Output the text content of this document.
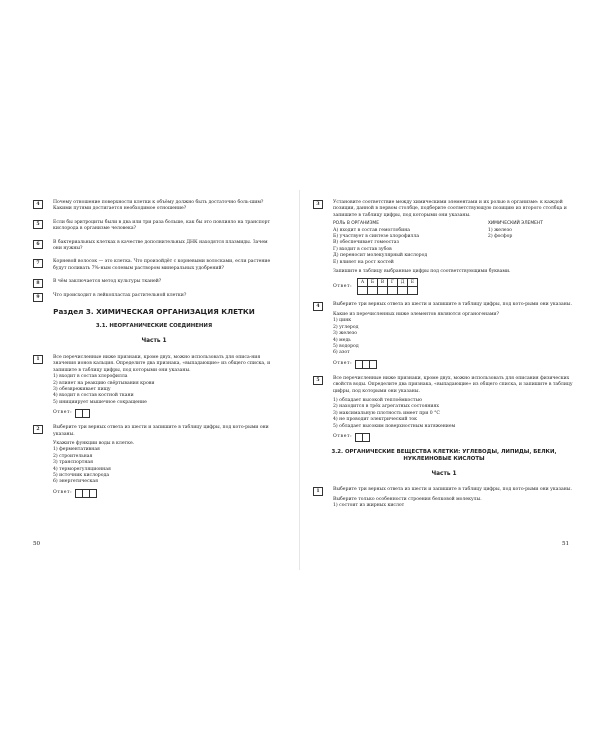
4	Почему отношение поверхности клетки к объёму должно быть достаточно боль-шим? Какими путями достигается необходимое отношение?
5	Если бы эритроциты были в два или три раза больше, как бы это повлияло на транспорт кислорода в организме человека?
6	В бактериальных клетках в качестве дополнительных ДНК находятся плазмиды. Зачем они нужны?
7	Корневой волосок — это клетка. Что произойдёт с корневыми волосками, если растение будут поливать 7%-ным солевым раствором минеральных удобрений?
8	В чём заключается метод культуры тканей?
9	Что происходит в лейкопластах растительной клетки?
Раздел 3. ХИМИЧЕСКАЯ ОРГАНИЗАЦИЯ КЛЕТКИ
3.1. НЕОРГАНИЧЕСКИЕ СОЕДИНЕНИЯ
Часть 1
1	Все перечисленные ниже признаки, кроме двух, можно использовать для описа-ния значения ионов кальция. Определите два признака, «выпадающие» из общего списка, и запишите в таблицу цифры, под которыми они указаны.
1) входит в состав хлорофилла
2) влияет на реакцию свёртывания крови
3) обезвреживает пищу
4) входит в состав костной ткани
5) инициирует мышечное сокращение
Ответ:
2	Выберите три верных ответа из шести и запишите в таблицу цифры, под кото-рыми они указаны.
Укажите функции воды в клетке.
1) ферментативная
2) строительная
3) транспортная
4) терморегуляционная
5) источник кислорода
6) энергетическая
Ответ:
50
3	Установите соответствие между химическими элементами и их ролью в организме: к каждой позиции, данной в первом столбце, подберите соответствующую позицию из второго столбца и запишите в таблицу цифры, под которыми они указаны.
РОЛЬ В ОРГАНИЗМЕ
А) входит в состав гемоглобина
Б) участвует в синтезе хлорофилла
В) обеспечивает гомеостаз
Г) входит в состав зубов
Д) переносит молекулярный кислород
Е) влияет на рост костей
ХИМИЧЕСКИЙ ЭЛЕМЕНТ
1) железо
2) фосфор
Запишите в таблицу выбранные цифры под соответствующими буквами.
Ответ:
А	Б	В	Г	Д	Е

4	Выберите три верных ответа из шести и запишите в таблицу цифры, под кото-рыми они указаны.
Какие из перечисленных ниже элементов являются органогенами?
1) цинк
2) углерод
3) железо
4) медь
5) водород
6) азот
Ответ:
5	Все перечисленные ниже признаки, кроме двух, можно использовать для описания физических свойств воды. Определите два признака, «выпадающие» из общего списка, и запишите в таблицу цифры, под которыми они указаны.
1) обладает высокой теплоёмкостью
2) находится в трёх агрегатных состояниях
3) максимальную плотность имеет при 0 °С
4) не проводит электрический ток
5) обладает высоким поверхностным натяжением
Ответ:
3.2. ОРГАНИЧЕСКИЕ ВЕЩЕСТВА КЛЕТКИ: УГЛЕВОДЫ, ЛИПИДЫ, БЕЛКИ, НУКЛЕИНОВЫЕ КИСЛОТЫ
Часть 1
1	Выберите три верных ответа из шести и запишите в таблицу цифры, под кото-рыми они указаны.
Выберите только особенности строения белковой молекулы.
1) состоит из жирных кислот
51
